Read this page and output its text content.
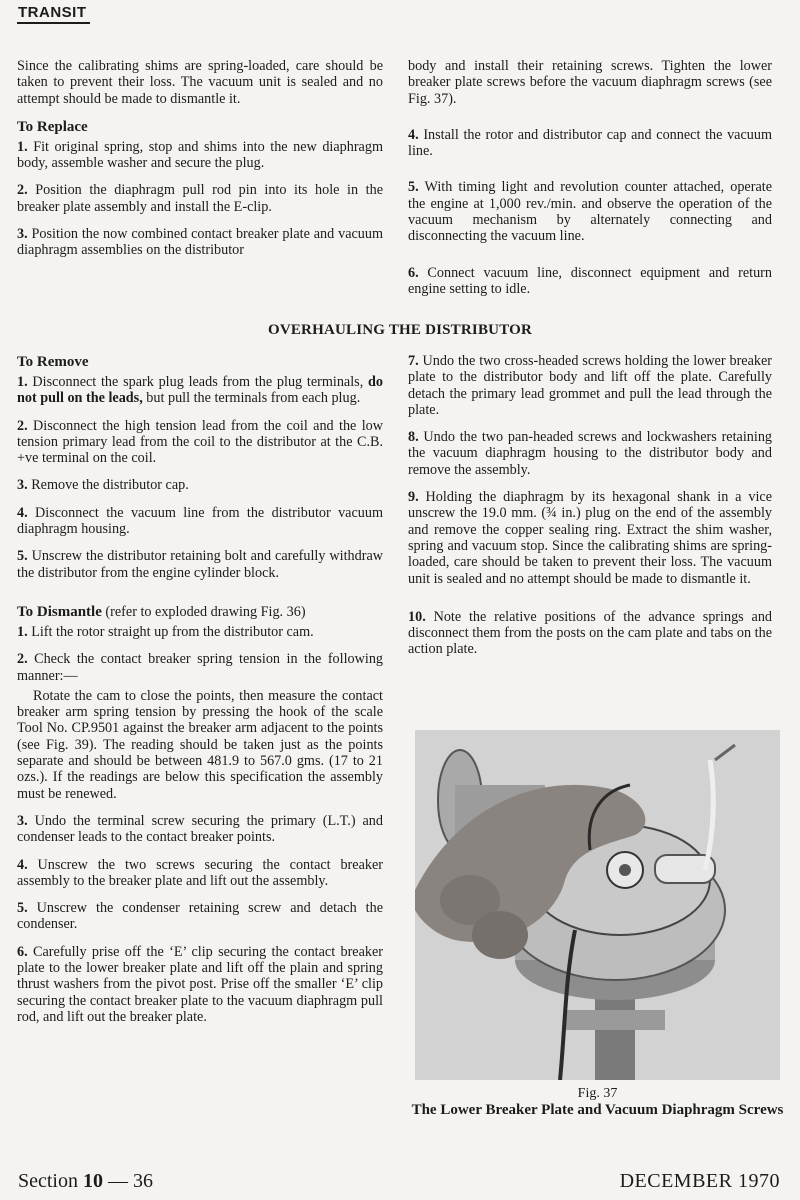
TRANSIT

Since the calibrating shims are spring-loaded, care should be taken to prevent their loss. The vacuum unit is sealed and no attempt should be made to dismantle it.

To Replace

1. Fit original spring, stop and shims into the new diaphragm body, assemble washer and secure the plug.

2. Position the diaphragm pull rod pin into its hole in the breaker plate assembly and install the E-clip.

3. Position the now combined contact breaker plate and vacuum diaphragm assemblies on the distributor

body and install their retaining screws. Tighten the lower breaker plate screws before the vacuum diaphragm screws (see Fig. 37).

4. Install the rotor and distributor cap and connect the vacuum line.

5. With timing light and revolution counter attached, operate the engine at 1,000 rev./min. and observe the operation of the vacuum mechanism by alternately connecting and disconnecting the vacuum line.

6. Connect vacuum line, disconnect equipment and return engine setting to idle.

OVERHAULING THE DISTRIBUTOR
To Remove

1. Disconnect the spark plug leads from the plug terminals, do not pull on the leads, but pull the terminals from each plug.

2. Disconnect the high tension lead from the coil and the low tension primary lead from the coil to the distributor at the C.B. +ve terminal on the coil.

3. Remove the distributor cap.

4. Disconnect the vacuum line from the distributor vacuum diaphragm housing.

5. Unscrew the distributor retaining bolt and carefully withdraw the distributor from the engine cylinder block.

To Dismantle (refer to exploded drawing Fig. 36)

1. Lift the rotor straight up from the distributor cam.

2. Check the contact breaker spring tension in the following manner:—

Rotate the cam to close the points, then measure the contact breaker arm spring tension by pressing the hook of the scale Tool No. CP.9501 against the breaker arm adjacent to the points (see Fig. 39). The reading should be taken just as the points separate and should be between 481.9 to 567.0 gms. (17 to 21 ozs.). If the readings are below this specification the assembly must be renewed.

3. Undo the terminal screw securing the primary (L.T.) and condenser leads to the contact breaker points.

4. Unscrew the two screws securing the contact breaker assembly to the breaker plate and lift out the assembly.

5. Unscrew the condenser retaining screw and detach the condenser.

6. Carefully prise off the ‘E’ clip securing the contact breaker plate to the lower breaker plate and lift off the plain and spring thrust washers from the pivot post. Prise off the smaller ‘E’ clip securing the contact breaker plate to the vacuum diaphragm pull rod, and lift out the breaker plate.

7. Undo the two cross-headed screws holding the lower breaker plate to the distributor body and lift off the plate. Carefully detach the primary lead grommet and pull the lead through the plate.

8. Undo the two pan-headed screws and lockwashers retaining the vacuum diaphragm housing to the distributor body and remove the assembly.

9. Holding the diaphragm by its hexagonal shank in a vice unscrew the 19.0 mm. (¾ in.) plug on the end of the assembly and remove the copper sealing ring. Extract the shim washer, spring and vacuum stop. Since the calibrating shims are spring-loaded, care should be taken to prevent their loss. The vacuum unit is sealed and no attempt should be made to dismantle it.

10. Note the relative positions of the advance springs and disconnect them from the posts on the cam plate and tabs on the action plate.

Fig. 37
The Lower Breaker Plate and Vacuum Diaphragm Screws
Section 10 — 36	DECEMBER 1970
